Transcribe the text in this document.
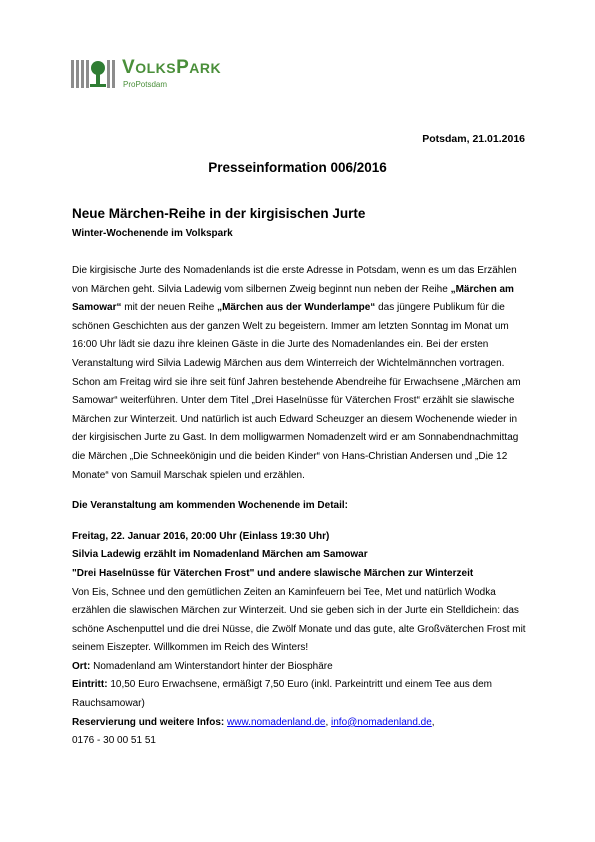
VOLKSPARK
ProPotsdam
Potsdam, 21.01.2016
Presseinformation 006/2016
Neue Märchen-Reihe in der kirgisischen Jurte
Winter-Wochenende im Volkspark

Die kirgisische Jurte des Nomadenlands ist die erste Adresse in Potsdam, wenn es um das Erzählen von Märchen geht. Silvia Ladewig vom silbernen Zweig beginnt nun neben der Reihe „Märchen am Samowar“ mit der neuen Reihe „Märchen aus der Wunderlampe“ das jüngere Publikum für die schönen Geschichten aus der ganzen Welt zu begeistern. Immer am letzten Sonntag im Monat um 16:00 Uhr lädt sie dazu ihre kleinen Gäste in die Jurte des Nomadenlandes ein. Bei der ersten Veranstaltung wird Silvia Ladewig Märchen aus dem Winterreich der Wichtelmännchen vortragen. Schon am Freitag wird sie ihre seit fünf Jahren bestehende Abendreihe für Erwachsene „Märchen am Samowar“ weiterführen. Unter dem Titel „Drei Haselnüsse für Väterchen Frost“ erzählt sie slawische Märchen zur Winterzeit. Und natürlich ist auch Edward Scheuzger an diesem Wochenende wieder in der kirgisischen Jurte zu Gast. In dem molligwarmen Nomadenzelt wird er am Sonnabendnachmittag die Märchen „Die Schneekönigin und die beiden Kinder“ von Hans-Christian Andersen und „Die 12 Monate“ von Samuil Marschak spielen und erzählen.

Die Veranstaltung am kommenden Wochenende im Detail:

Freitag, 22. Januar 2016, 20:00 Uhr (Einlass 19:30 Uhr)

Silvia Ladewig erzählt im Nomadenland Märchen am Samowar

"Drei Haselnüsse für Väterchen Frost" und andere slawische Märchen zur Winterzeit

Von Eis, Schnee und den gemütlichen Zeiten an Kaminfeuern bei Tee, Met und natürlich Wodka erzählen die slawischen Märchen zur Winterzeit. Und sie geben sich in der Jurte ein Stelldichein: das schöne Aschenputtel und die drei Nüsse, die Zwölf Monate und das gute, alte Großväterchen Frost mit seinem Eiszepter. Willkommen im Reich des Winters!

Ort: Nomadenland am Winterstandort hinter der Biosphäre

Eintritt: 10,50 Euro Erwachsene, ermäßigt 7,50 Euro (inkl. Parkeintritt und einem Tee aus dem Rauchsamowar)

Reservierung und weitere Infos: www.nomadenland.de, info@nomadenland.de,

0176 - 30 00 51 51
